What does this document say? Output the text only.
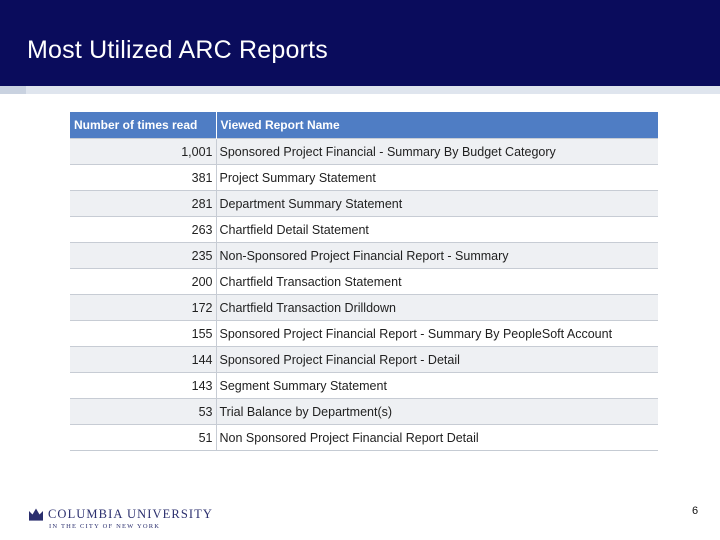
Most Utilized ARC Reports
Number of times read	Viewed Report Name
1,001	Sponsored Project Financial - Summary By Budget Category
381	Project Summary Statement
281	Department Summary Statement
263	Chartfield Detail Statement
235	Non-Sponsored Project Financial Report - Summary
200	Chartfield Transaction Statement
172	Chartfield Transaction Drilldown
155	Sponsored Project Financial Report - Summary By PeopleSoft Account
144	Sponsored Project Financial Report - Detail
143	Segment Summary Statement
53	Trial Balance by Department(s)
51	Non Sponsored Project Financial Report Detail
COLUMBIA UNIVERSITY
IN THE CITY OF NEW YORK
6
